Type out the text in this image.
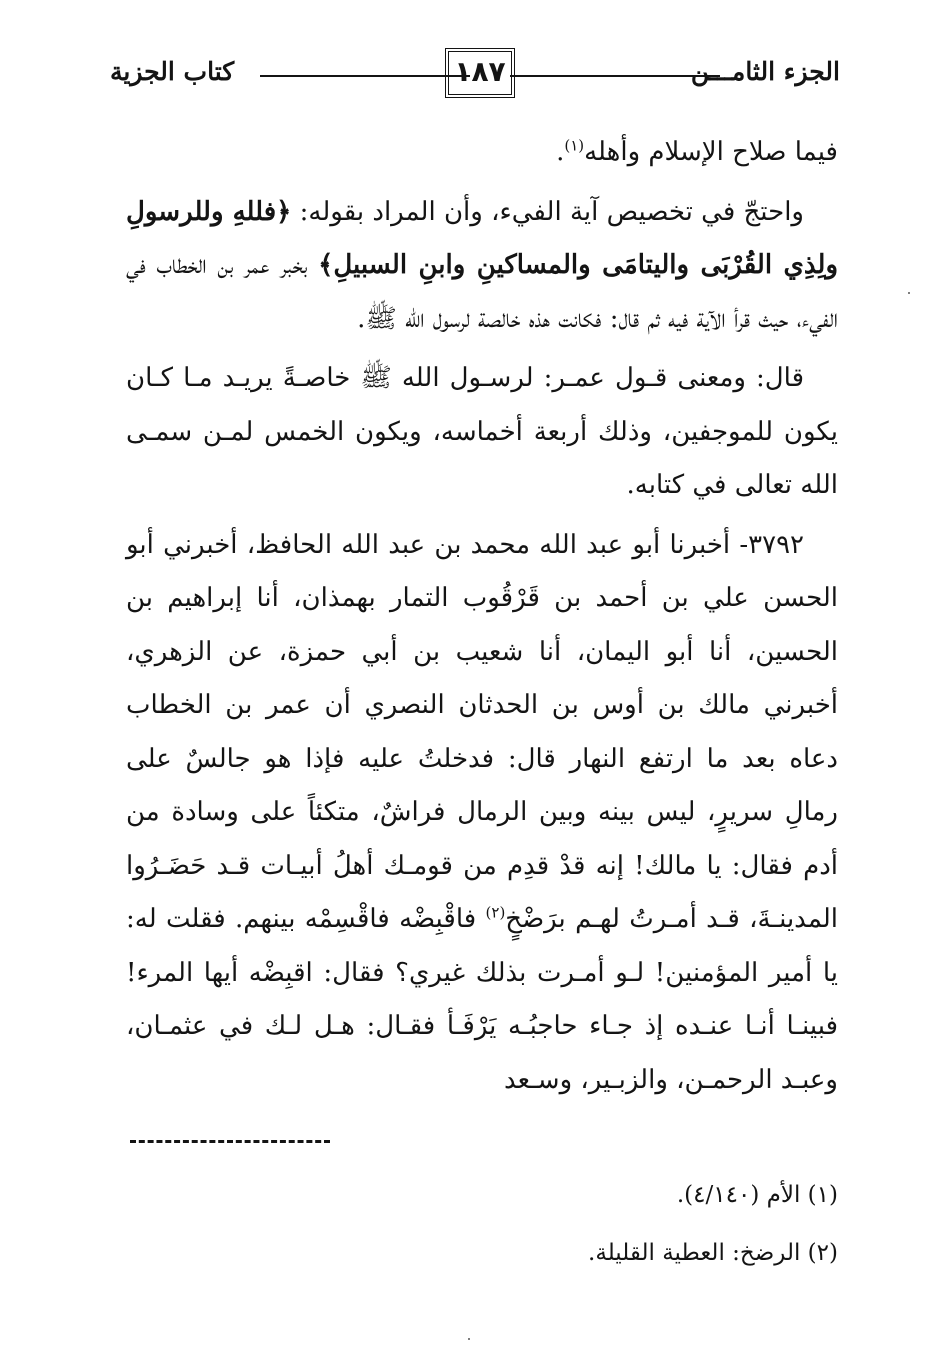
الجزء الثامـــن
١٨٧
كتاب الجزية

فيما صلاح الإسلام وأهله$^{(١)}$.

واحتجّ في تخصيص آية الفيء، وأن المراد بقوله: ﴿فللهِ وللرسولِ ولِذِي القُرْبَى واليتامَى والمساكينِ وابنِ السبيلِ﴾ بخبر عمر بن الخطاب في الفيء، حيث قرأ الآية فيه ثم قال: فكانت هذه خالصة لرسول الله ﷺ.

قال: ومعنى قـول عمـر: لرسـول الله ﷺ خاصـةً يريـد مـا كـان يكون للموجفين، وذلك أربعة أخماسه، ويكون الخمس لمـن سمـى الله تعالى في كتابه.

٣٧٩٢- أخبرنا أبو عبد الله محمد بن عبد الله الحافظ، أخبرني أبو الحسن علي بن أحمد بن قَرْقُوب التمار بهمذان، أنا إبراهيم بن الحسين، أنا أبو اليمان، أنا شعيب بن أبي حمزة، عن الزهري، أخبرني مالك بن أوس بن الحدثان النصري أن عمر بن الخطاب دعاه بعد ما ارتفع النهار قال: فدخلتُ عليه فإذا هو جالسٌ على رمالِ سريرٍ، ليس بينه وبين الرمال فراشٌ، متكئاً على وسادة من أدم فقال: يا مالك! إنه قدْ قدِم من قومـك أهلُ أبيـات قـد حَضَـرُوا المدينـةَ، قـد أمـرتُ لهـم برَضْخٍ$^{(٢)}$ فاقْبِضْه فاقْسِمْه بينهم. فقلت له: يا أمير المؤمنين! لـو أمـرت بذلك غيري؟ فقال: اقبِضْه أيها المرء! فبينـا أنـا عنـده إذ جـاء حاجبُـه يَرْفَـأ فقـال: هـل لـك في عثمـان، وعبـد الرحمـن، والزبـير، وسـعد

(١) الأم (٤/١٤٠).

(٢) الرضخ: العطية القليلة.
